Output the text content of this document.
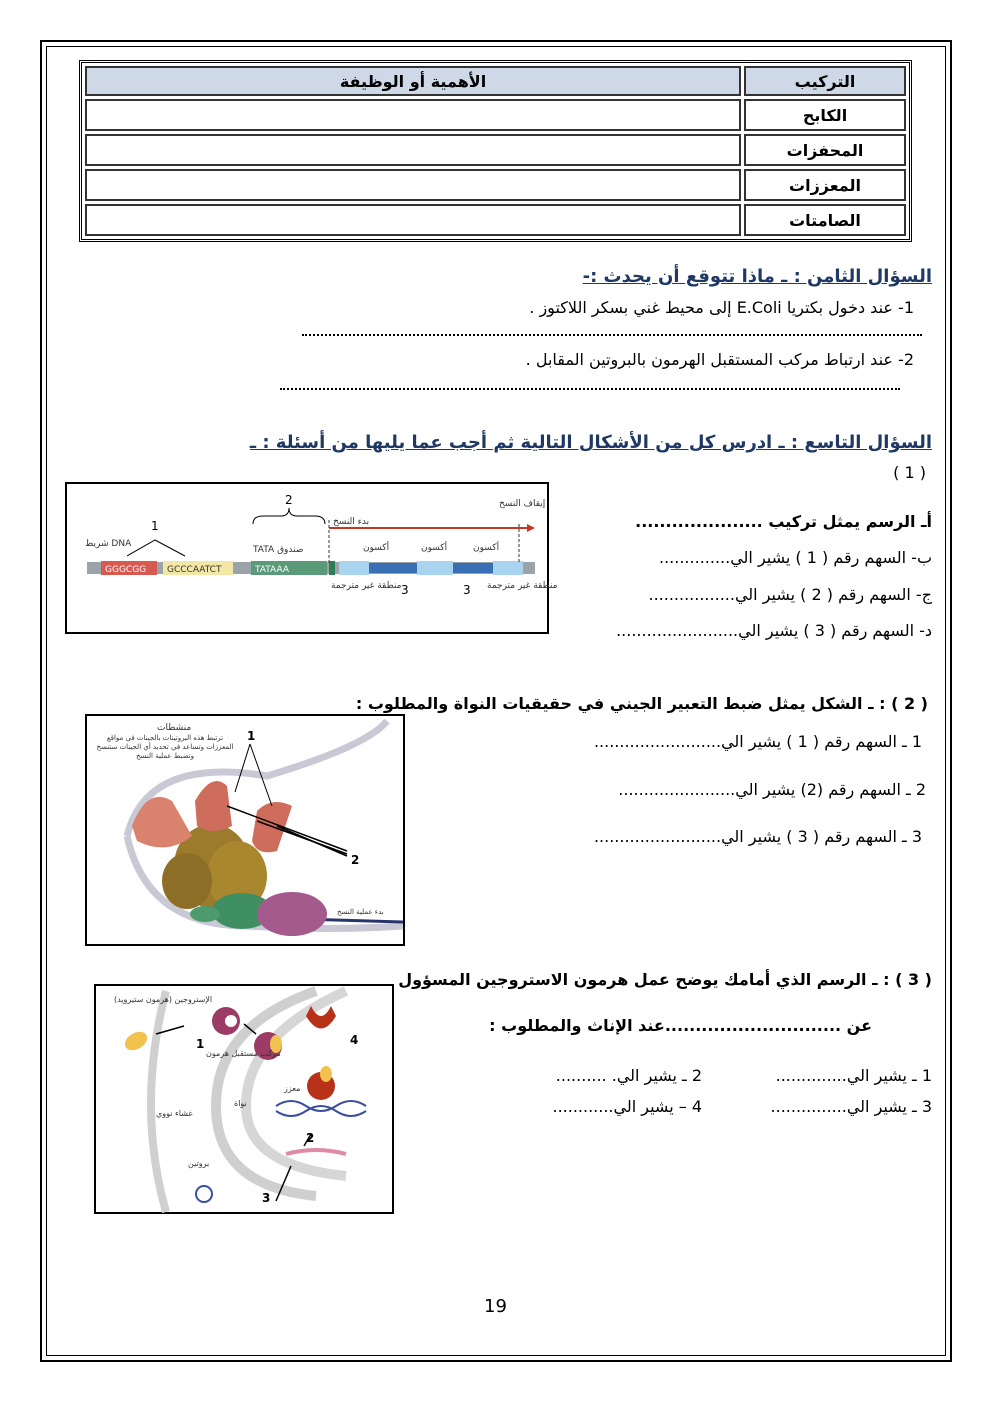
الأهمية أو الوظيفة	التركيب
	الكابح
	المحفزات
	المعززات
	الصامتات
السؤال الثامن : ـ ماذا تتوقع أن يحدث :-
1- عند دخول بكتريا E.Coli إلى محيط غني بسكر اللاكتوز .
2- عند ارتباط مركب المستقبل الهرمون بالبروتين المقابل .
السؤال التاسع : ـ ادرس كل من الأشكال التالية ثم أجب عما يليها من أسئلة : ـ
( 1 )
GGGCGG GCCCAATCT	TATAAA
1
2
شريط DNA
TATA صندوق
بدء النسخ
إيقاف النسخ
أكسون	أكسون	أكسون
3	3
منطقة غير مترجمة	منطقة غير مترجمة
أـ الرسم يمثل تركيب .....................
ب- السهم رقم ( 1 ) يشير الي..............
ج- السهم رقم ( 2 ) يشير الي.................
د- السهم رقم ( 3 ) يشير الي........................
( 2 ) : ـ الشكل يمثل ضبط التعبير الجيني في حقيقيات النواة والمطلوب :
2
1
منشطات
ترتبط هذه البروتينات بالجينات في مواقع المعززات وتساعد في تحديد أي الجينات ستنسخ وتضبط عملية النسخ
بدء عملية النسخ
1 ـ السهم رقم ( 1 ) يشير الي.........................
2 ـ السهم رقم (2) يشير الي.......................
3 ـ السهم رقم ( 3 ) يشير الي.........................
( 3 ) : ـ الرسم الذي أمامك يوضح عمل هرمون الاستروجين المسؤول
عن .............................عند الإناث والمطلوب :
الإستروجين (هرمون ستيرويد)
مركب مستقبل هرمون
نواة
غشاء نووي
معزز
بروتين
1
2
3
4
1 ـ يشير الي..............
2 ـ يشير الي. ..........
3 ـ يشير الي...............
4 – يشير الي............
19
